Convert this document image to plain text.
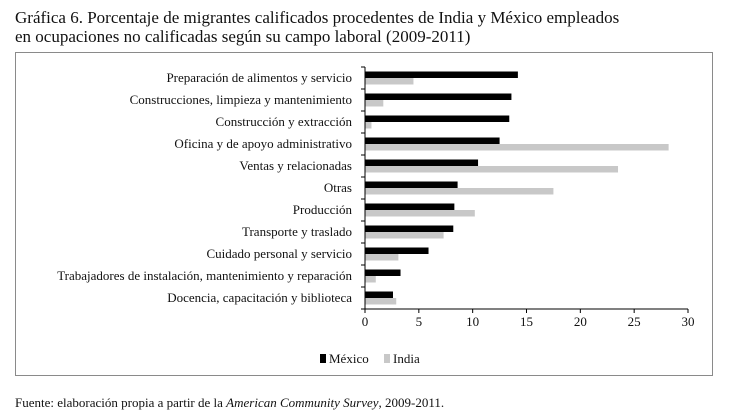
Gráfica 6. Porcentaje de migrantes calificados procedentes de India y México empleados
en ocupaciones no calificadas según su campo laboral (2009-2011)
Preparación de alimentos y servicio
Construcciones, limpieza y mantenimiento
Construcción y extracción
Oficina y de apoyo administrativo
Ventas y relacionadas
Otras
Producción
Transporte y traslado
Cuidado personal y servicio
Trabajadores de instalación, mantenimiento y reparación
Docencia, capacitación y biblioteca
0	5	10	15	20	25	30
México India
Fuente: elaboración propia a partir de la American Community Survey, 2009-2011.
